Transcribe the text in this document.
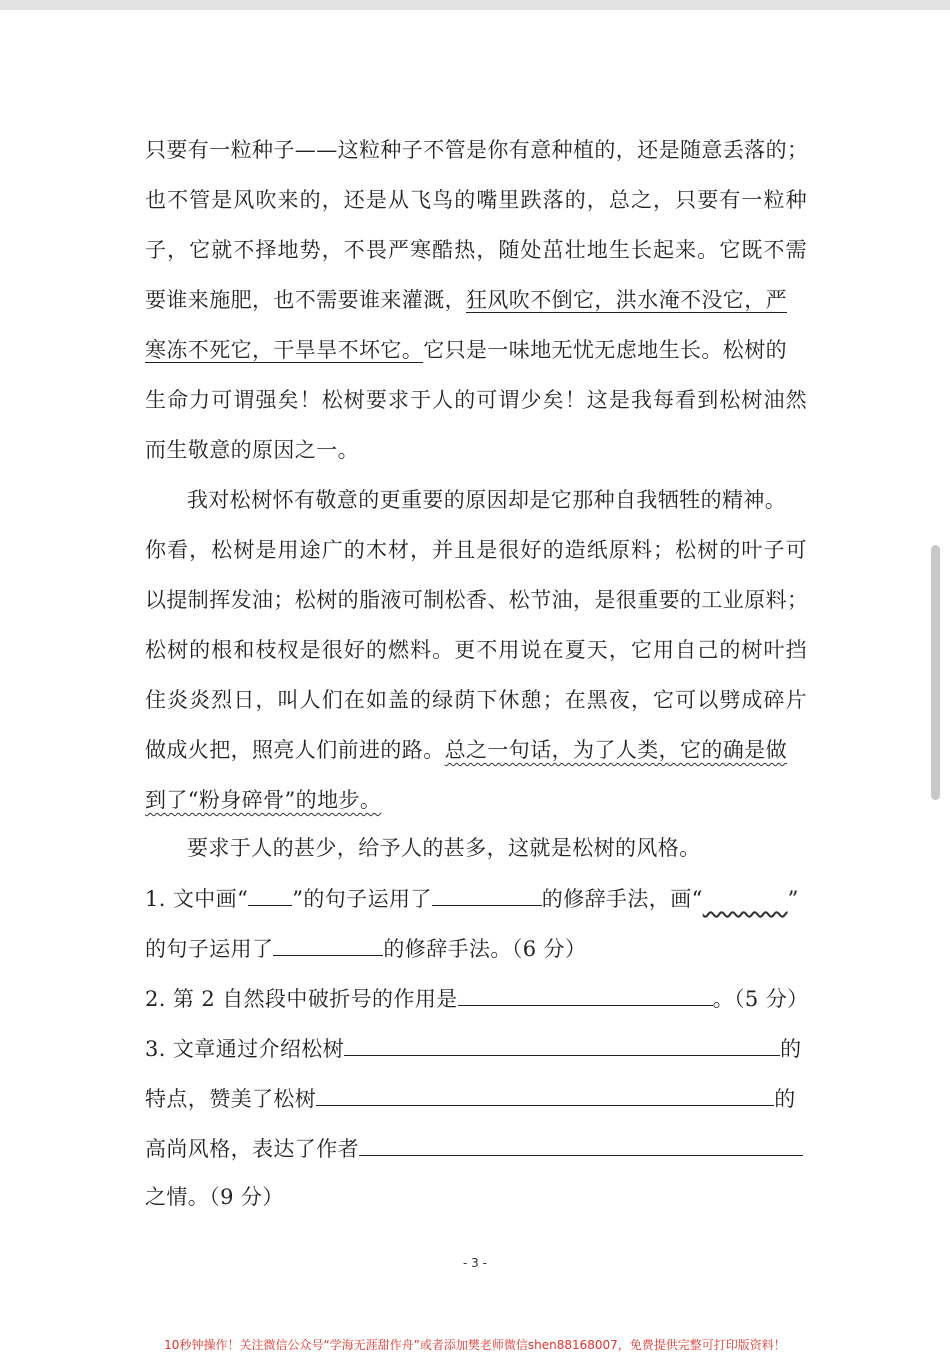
只要有一粒种子——这粒种子不管是你有意种植的，还是随意丢落的；
也不管是风吹来的，还是从飞鸟的嘴里跌落的，总之，只要有一粒种
子，它就不择地势，不畏严寒酷热，随处茁壮地生长起来。它既不需
要谁来施肥，也不需要谁来灌溉，狂风吹不倒它，洪水淹不没它，严
寒冻不死它，干旱旱不坏它。它只是一味地无忧无虑地生长。松树的
生命力可谓强矣！松树要求于人的可谓少矣！这是我每看到松树油然
而生敬意的原因之一。
我对松树怀有敬意的更重要的原因却是它那种自我牺牲的精神。
你看，松树是用途广的木材，并且是很好的造纸原料；松树的叶子可
以提制挥发油；松树的脂液可制松香、松节油，是很重要的工业原料；
松树的根和枝杈是很好的燃料。更不用说在夏天，它用自己的树叶挡
住炎炎烈日，叫人们在如盖的绿荫下休憩；在黑夜，它可以劈成碎片
做成火把，照亮人们前进的路。总之一句话，为了人类，它的确是做
到了“粉身碎骨”的地步。
要求于人的甚少，给予人的甚多，这就是松树的风格。
1. 文中画“ ”的句子运用了	的修辞手法，画“​            ”
的句子运用了	的修辞手法。（6 分）
2. 第 2 自然段中破折号的作用是	。（5 分）
3. 文章通过介绍松树	的
特点，赞美了松树	的
高尚风格，表达了作者
之情。（9 分）
- 3 -
10秒钟操作！关注微信公众号“学海无涯甜作舟”或者添加樊老师微信shen88168007，免费提供完整可打印版资料！
